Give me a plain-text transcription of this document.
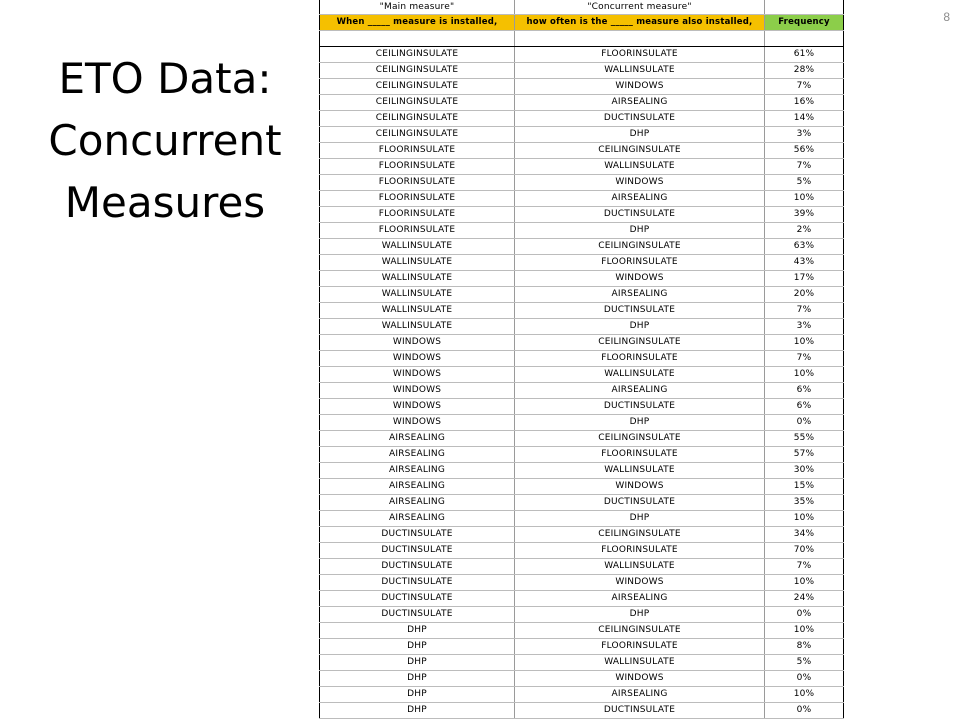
ETO Data:
Concurrent
Measures
8
"Main measure"	"Concurrent measure"	
When _____ measure is installed,	how often is the _____ measure also installed,	Frequency

CEILINGINSULATE	FLOORINSULATE	61%
CEILINGINSULATE	WALLINSULATE	28%
CEILINGINSULATE	WINDOWS	7%
CEILINGINSULATE	AIRSEALING	16%
CEILINGINSULATE	DUCTINSULATE	14%
CEILINGINSULATE	DHP	3%
FLOORINSULATE	CEILINGINSULATE	56%
FLOORINSULATE	WALLINSULATE	7%
FLOORINSULATE	WINDOWS	5%
FLOORINSULATE	AIRSEALING	10%
FLOORINSULATE	DUCTINSULATE	39%
FLOORINSULATE	DHP	2%
WALLINSULATE	CEILINGINSULATE	63%
WALLINSULATE	FLOORINSULATE	43%
WALLINSULATE	WINDOWS	17%
WALLINSULATE	AIRSEALING	20%
WALLINSULATE	DUCTINSULATE	7%
WALLINSULATE	DHP	3%
WINDOWS	CEILINGINSULATE	10%
WINDOWS	FLOORINSULATE	7%
WINDOWS	WALLINSULATE	10%
WINDOWS	AIRSEALING	6%
WINDOWS	DUCTINSULATE	6%
WINDOWS	DHP	0%
AIRSEALING	CEILINGINSULATE	55%
AIRSEALING	FLOORINSULATE	57%
AIRSEALING	WALLINSULATE	30%
AIRSEALING	WINDOWS	15%
AIRSEALING	DUCTINSULATE	35%
AIRSEALING	DHP	10%
DUCTINSULATE	CEILINGINSULATE	34%
DUCTINSULATE	FLOORINSULATE	70%
DUCTINSULATE	WALLINSULATE	7%
DUCTINSULATE	WINDOWS	10%
DUCTINSULATE	AIRSEALING	24%
DUCTINSULATE	DHP	0%
DHP	CEILINGINSULATE	10%
DHP	FLOORINSULATE	8%
DHP	WALLINSULATE	5%
DHP	WINDOWS	0%
DHP	AIRSEALING	10%
DHP	DUCTINSULATE	0%
